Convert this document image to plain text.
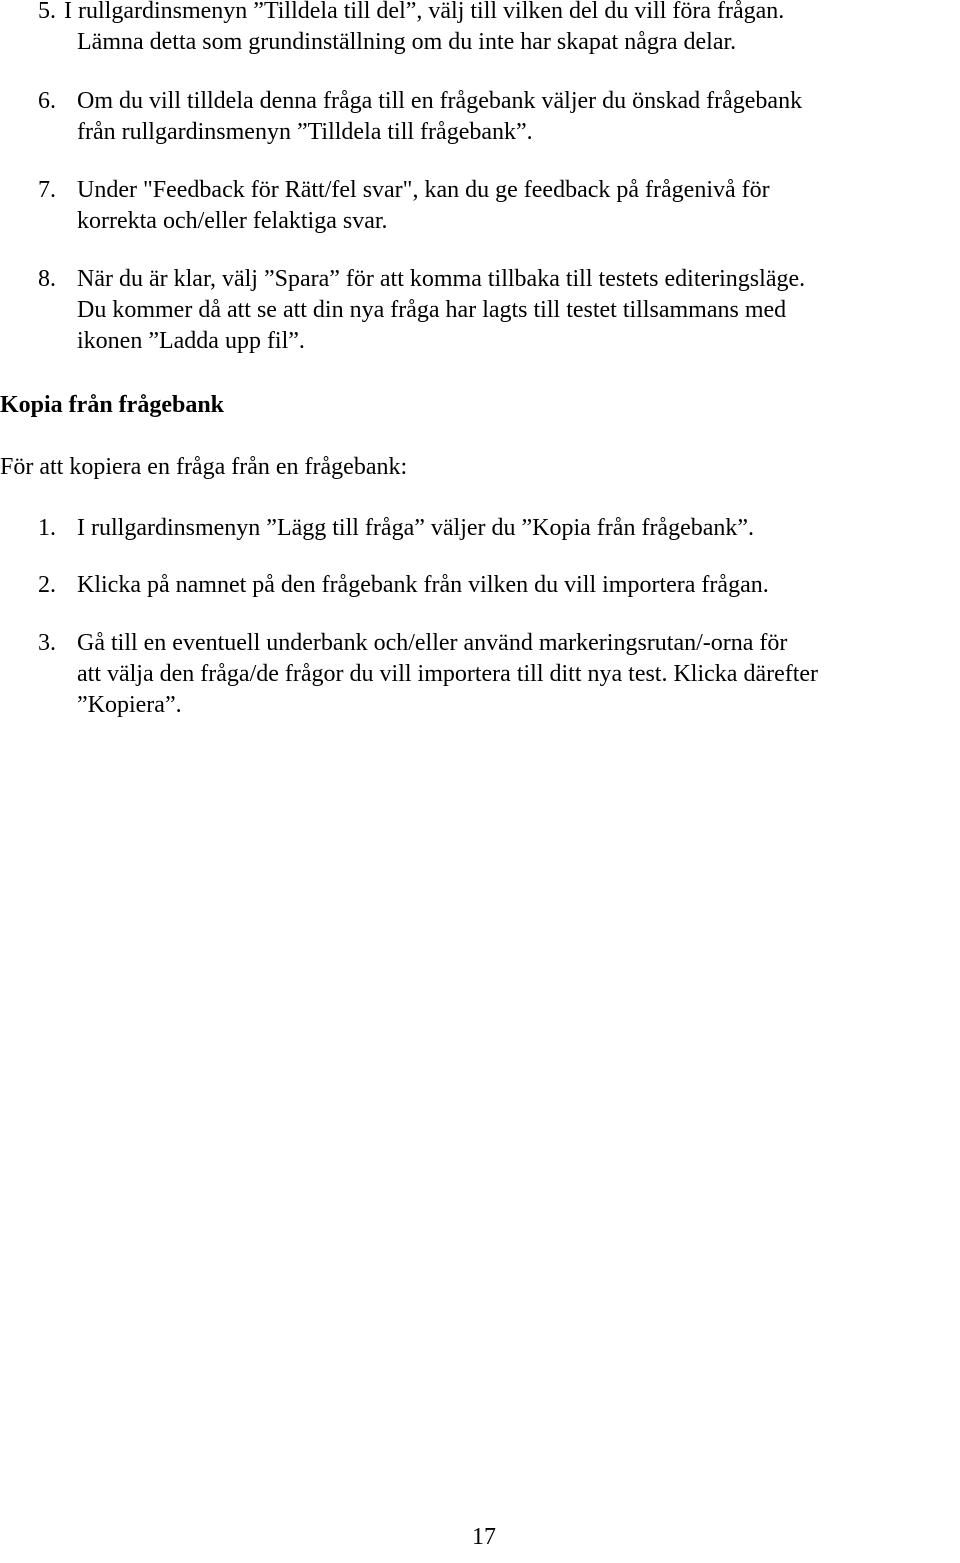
5. I rullgardinsmenyn ”Tilldela till del”, välj till vilken del du vill föra frågan.
Lämna detta som grundinställning om du inte har skapat några delar.
6. Om du vill tilldela denna fråga till en frågebank väljer du önskad frågebank
från rullgardinsmenyn ”Tilldela till frågebank”.
7. Under "Feedback för Rätt/fel svar", kan du ge feedback på frågenivå för
korrekta och/eller felaktiga svar.
8. När du är klar, välj ”Spara” för att komma tillbaka till testets editeringsläge.
Du kommer då att se att din nya fråga har lagts till testet tillsammans med
ikonen ”Ladda upp fil”.
Kopia från frågebank
För att kopiera en fråga från en frågebank:
1. I rullgardinsmenyn ”Lägg till fråga” väljer du ”Kopia från frågebank”.
2. Klicka på namnet på den frågebank från vilken du vill importera frågan.
3. Gå till en eventuell underbank och/eller använd markeringsrutan/-orna för
att välja den fråga/de frågor du vill importera till ditt nya test. Klicka därefter
”Kopiera”.
17
